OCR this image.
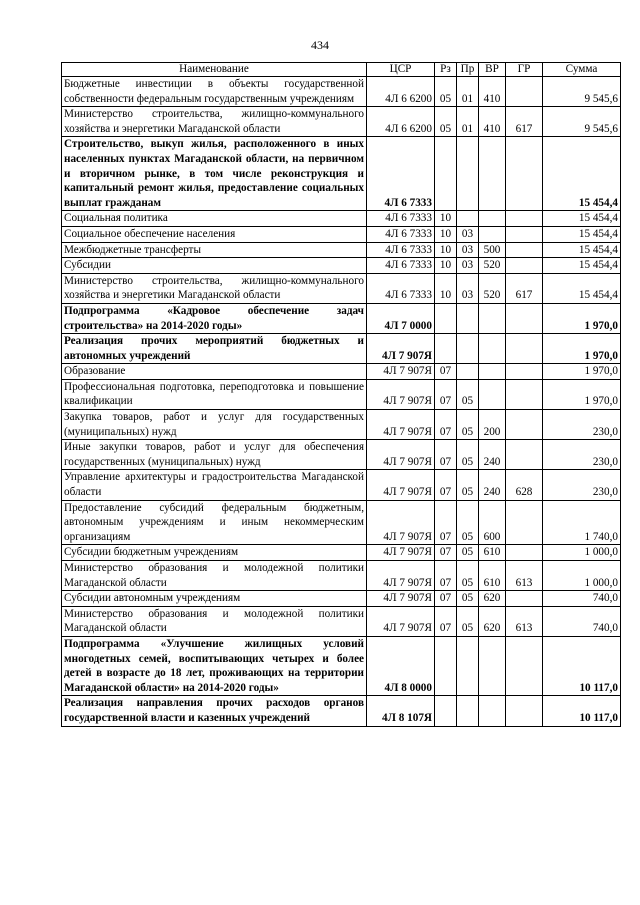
434
Наименование	ЦСР	Рз	Пр	ВР	ГР	Сумма
Бюджетные инвестиции в объекты государственной собственности федеральным государственным учреждениям	4Л 6 6200	05	01	410		9 545,6
Министерство строительства, жилищно-коммунального хозяйства и энергетики Магаданской области	4Л 6 6200	05	01	410	617	9 545,6
Строительство, выкуп жилья, расположенного в иных населенных пунктах Магаданской области, на первичном и вторичном рынке, в том числе реконструкция и капитальный ремонт жилья, предоставление социальных выплат гражданам	4Л 6 7333					15 454,4
Социальная политика	4Л 6 7333	10				15 454,4
Социальное обеспечение населения	4Л 6 7333	10	03			15 454,4
Межбюджетные трансферты	4Л 6 7333	10	03	500		15 454,4
Субсидии	4Л 6 7333	10	03	520		15 454,4
Министерство строительства, жилищно-коммунального хозяйства и энергетики Магаданской области	4Л 6 7333	10	03	520	617	15 454,4
Подпрограмма «Кадровое обеспечение задач строительства» на 2014-2020 годы»	4Л 7 0000					1 970,0
Реализация прочих мероприятий бюджетных и автономных учреждений	4Л 7 907Я					1 970,0
Образование	4Л 7 907Я	07				1 970,0
Профессиональная подготовка, переподготовка и повышение квалификации	4Л 7 907Я	07	05			1 970,0
Закупка товаров, работ и услуг для государственных (муниципальных) нужд	4Л 7 907Я	07	05	200		230,0
Иные закупки товаров, работ и услуг для обеспечения государственных (муниципальных) нужд	4Л 7 907Я	07	05	240		230,0
Управление архитектуры и градостроительства Магаданской области	4Л 7 907Я	07	05	240	628	230,0
Предоставление субсидий федеральным бюджетным, автономным учреждениям и иным некоммерческим организациям	4Л 7 907Я	07	05	600		1 740,0
Субсидии бюджетным учреждениям	4Л 7 907Я	07	05	610		1 000,0
Министерство образования и молодежной политики Магаданской области	4Л 7 907Я	07	05	610	613	1 000,0
Субсидии автономным учреждениям	4Л 7 907Я	07	05	620		740,0
Министерство образования и молодежной политики Магаданской области	4Л 7 907Я	07	05	620	613	740,0
Подпрограмма «Улучшение жилищных условий многодетных семей, воспитывающих четырех и более детей в возрасте до 18 лет, проживающих на территории Магаданской области» на 2014-2020 годы»	4Л 8 0000					10 117,0
Реализация направления прочих расходов органов государственной власти и казенных учреждений	4Л 8 107Я					10 117,0
